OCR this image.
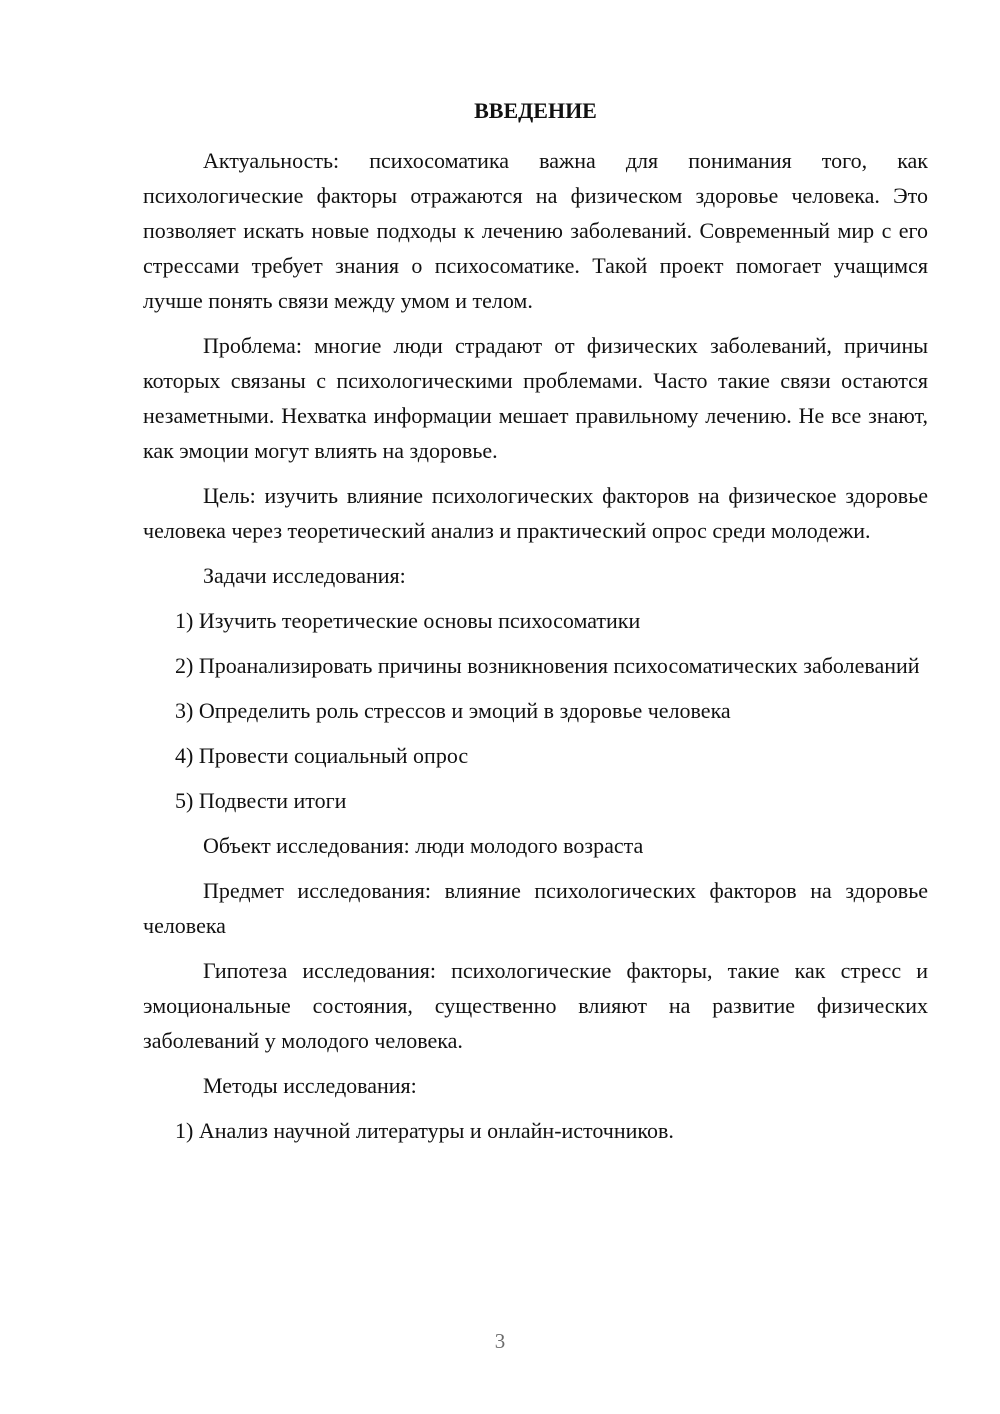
ВВЕДЕНИЕ

Актуальность: психосоматика важна для понимания того, как психологические факторы отражаются на физическом здоровье человека. Это позволяет искать новые подходы к лечению заболеваний. Современный мир с его стрессами требует знания о психосоматике. Такой проект помогает учащимся лучше понять связи между умом и телом.

Проблема: многие люди страдают от физических заболеваний, причины которых связаны с психологическими проблемами. Часто такие связи остаются незаметными. Нехватка информации мешает правильному лечению. Не все знают, как эмоции могут влиять на здоровье.

Цель: изучить влияние психологических факторов на физическое здоровье человека через теоретический анализ и практический опрос среди молодежи.

Задачи исследования:

1) Изучить теоретические основы психосоматики

2) Проанализировать причины возникновения психосоматических заболеваний

3) Определить роль стрессов и эмоций в здоровье человека

4) Провести социальный опрос

5) Подвести итоги

Объект исследования: люди молодого возраста

Предмет исследования: влияние психологических факторов на здоровье человека

Гипотеза исследования: психологические факторы, такие как стресс и эмоциональные состояния, существенно влияют на развитие физических заболеваний у молодого человека.

Методы исследования:

1) Анализ научной литературы и онлайн-источников.

3
